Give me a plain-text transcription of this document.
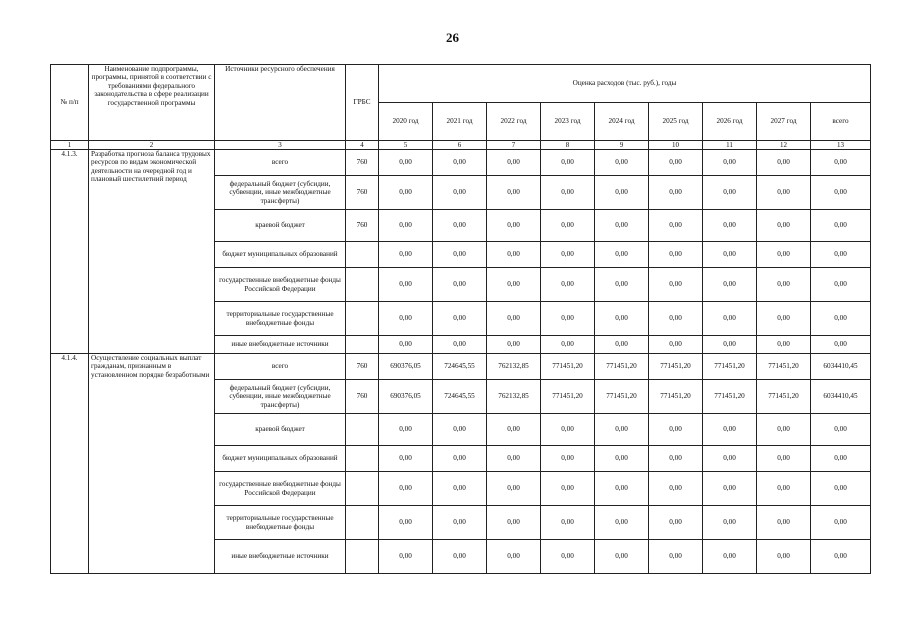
26
№ п/п	Наименование подпрограммы, программы, принятой в соответствии с требованиями федерального законодательства в сфере реализации государственной программы	Источники ресурсного обеспечения	ГРБС	Оценка расходов (тыс. руб.), годы								
				2020 год	2021 год	2022 год	2023 год	2024 год	2025 год	2026 год	2027 год	всего
1	2	3	4	5	6	7	8	9	10	11	12	13
4.1.3.	Разработка прогноза баланса трудовых ресурсов по видам экономической деятельности на очередной год и плановый шестилетний период	всего	760	0,00	0,00	0,00	0,00	0,00	0,00	0,00	0,00	0,00
		федеральный бюджет (субсидии, субвенции, иные межбюджетные трансферты)	760	0,00	0,00	0,00	0,00	0,00	0,00	0,00	0,00	0,00
		краевой бюджет	760	0,00	0,00	0,00	0,00	0,00	0,00	0,00	0,00	0,00
		бюджет муниципальных образований		0,00	0,00	0,00	0,00	0,00	0,00	0,00	0,00	0,00
		государственные внебюджетные фонды Российской Федерации		0,00	0,00	0,00	0,00	0,00	0,00	0,00	0,00	0,00
		территориальные государственные внебюджетные фонды		0,00	0,00	0,00	0,00	0,00	0,00	0,00	0,00	0,00
		иные внебюджетные источники		0,00	0,00	0,00	0,00	0,00	0,00	0,00	0,00	0,00
4.1.4.	Осуществление социальных выплат гражданам, признанным в установленном порядке безработными	всего	760	690376,05	724645,55	762132,85	771451,20	771451,20	771451,20	771451,20	771451,20	6034410,45
		федеральный бюджет (субсидии, субвенции, иные межбюджетные трансферты)	760	690376,05	724645,55	762132,85	771451,20	771451,20	771451,20	771451,20	771451,20	6034410,45
		краевой бюджет		0,00	0,00	0,00	0,00	0,00	0,00	0,00	0,00	0,00
		бюджет муниципальных образований		0,00	0,00	0,00	0,00	0,00	0,00	0,00	0,00	0,00
		государственные внебюджетные фонды Российской Федерации		0,00	0,00	0,00	0,00	0,00	0,00	0,00	0,00	0,00
		территориальные государственные внебюджетные фонды		0,00	0,00	0,00	0,00	0,00	0,00	0,00	0,00	0,00
		иные внебюджетные источники		0,00	0,00	0,00	0,00	0,00	0,00	0,00	0,00	0,00
